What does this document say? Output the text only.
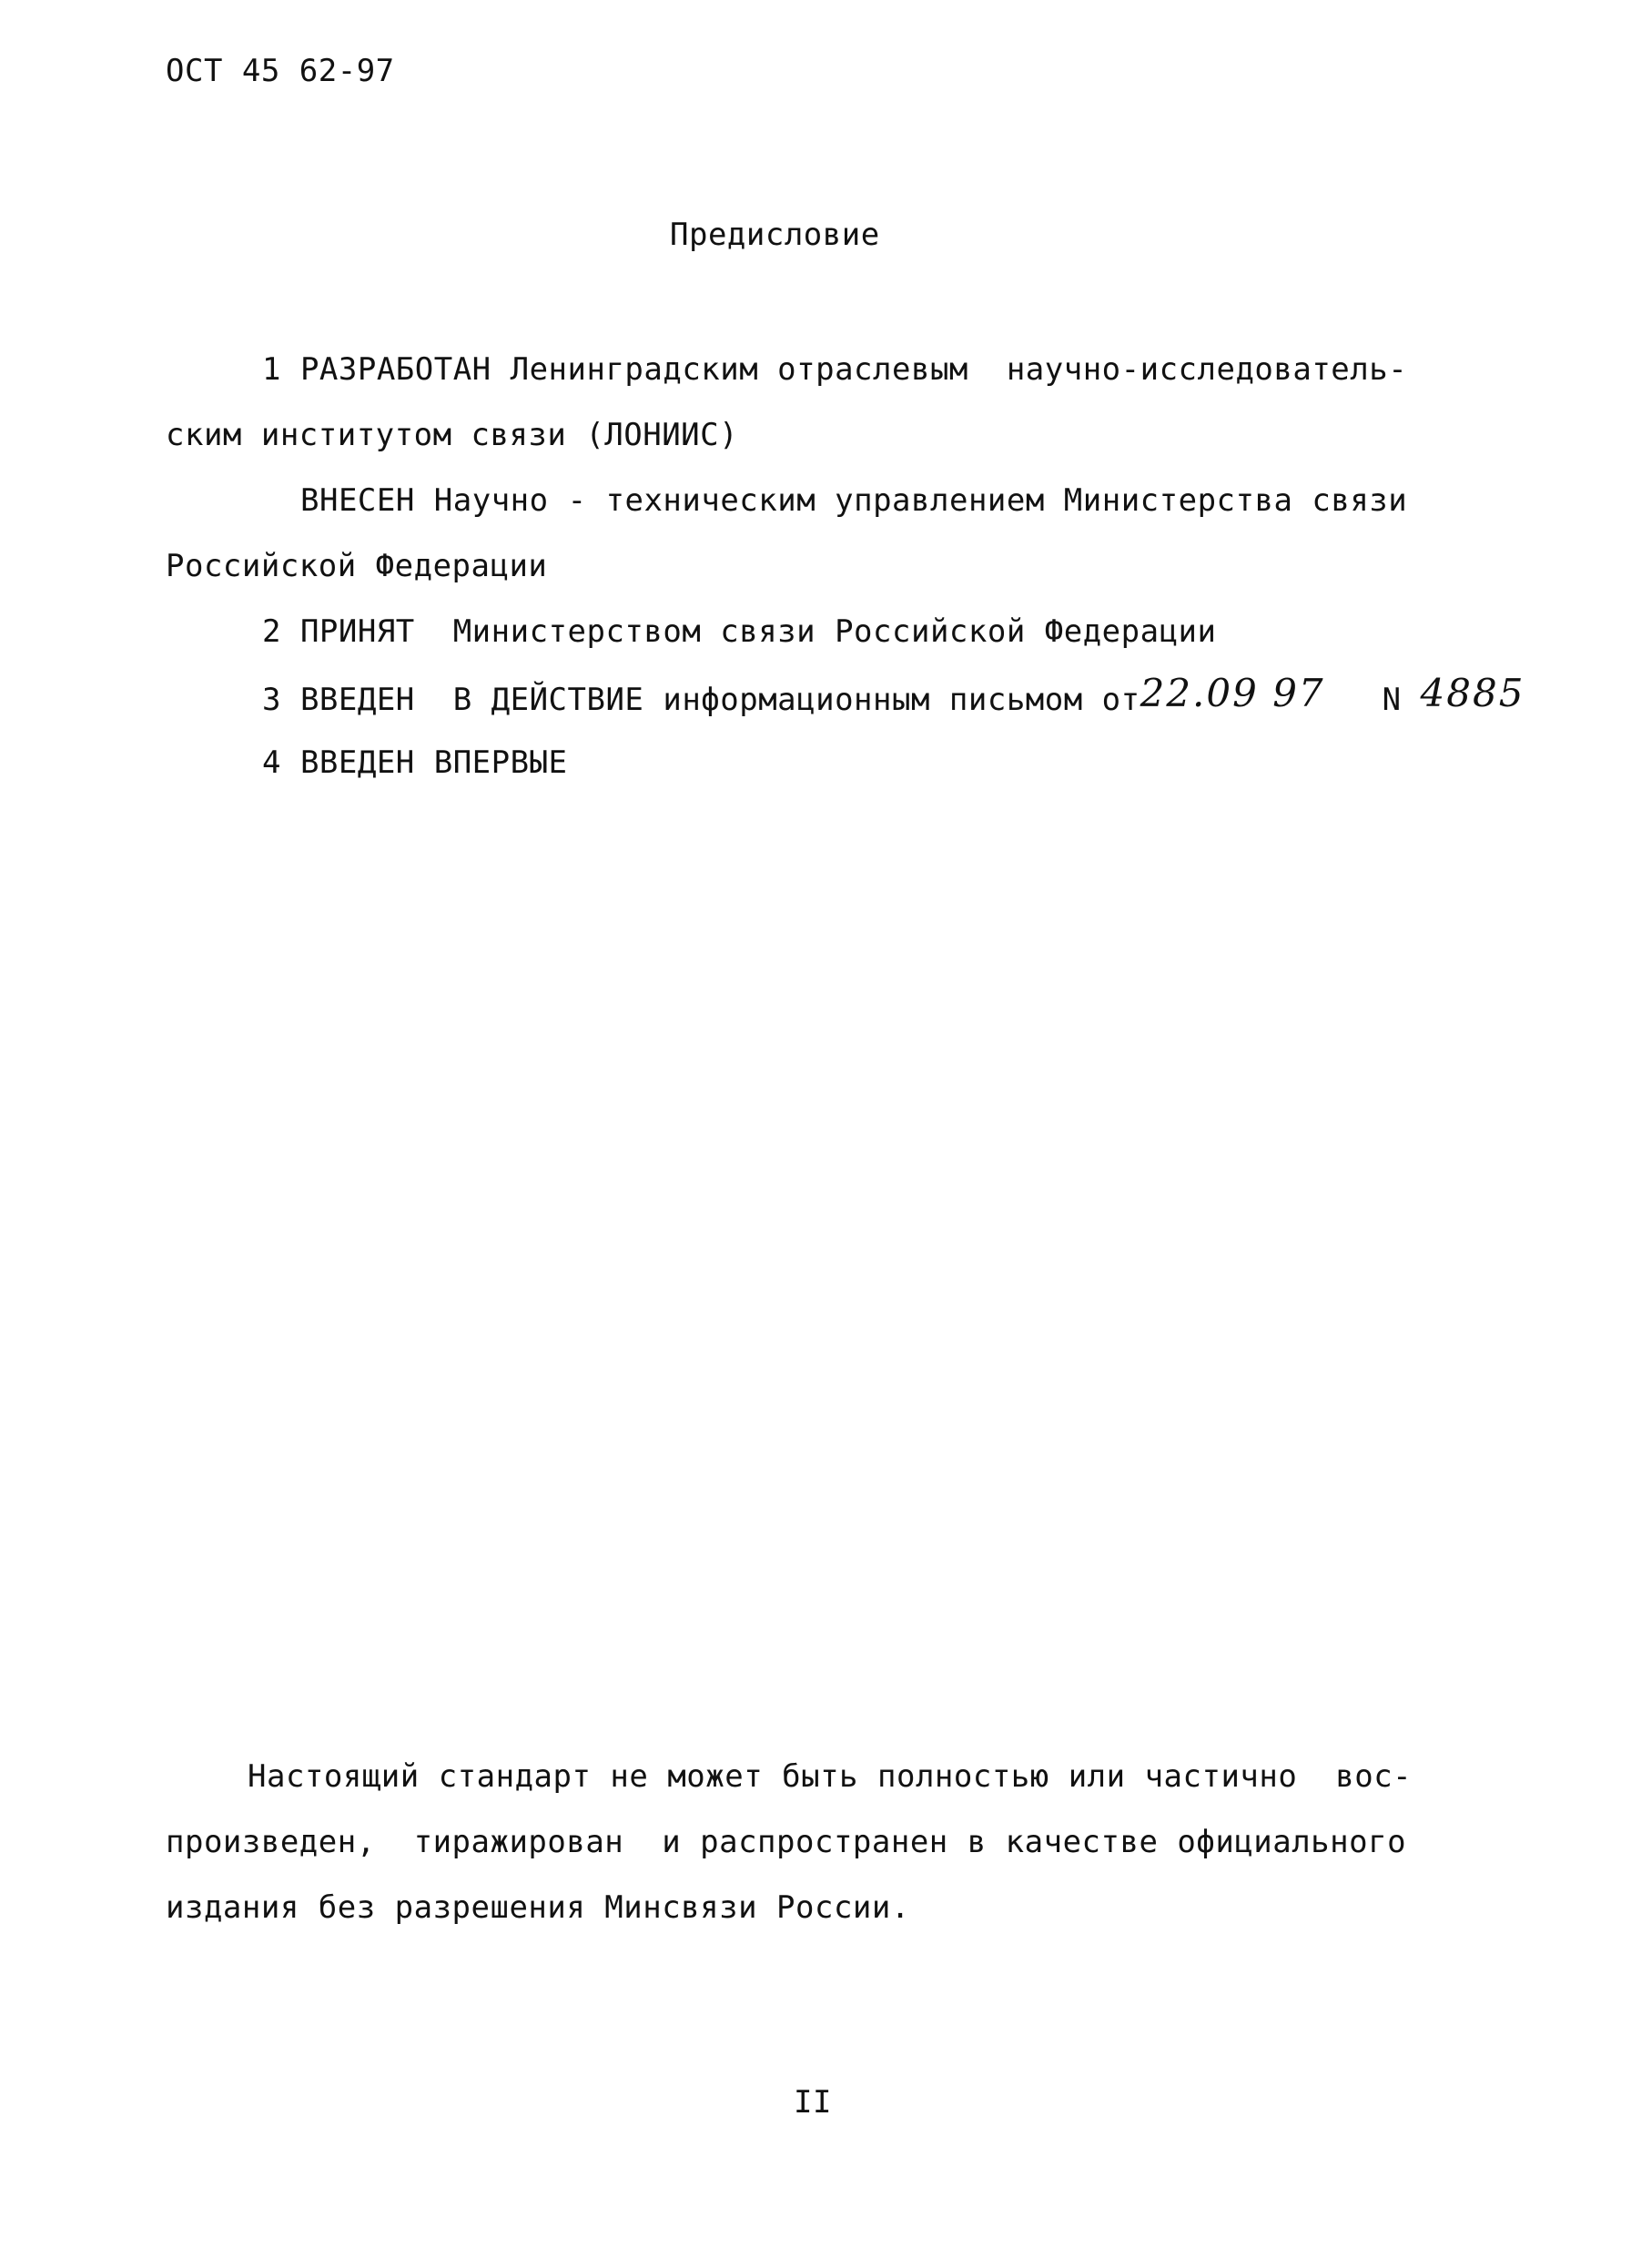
ОСТ 45 62-97
Предисловие
1 РАЗРАБОТАН Ленинградским отраслевым  научно-исследователь-
ским институтом связи (ЛОНИИС)
ВНЕСЕН Научно - техническим управлением Министерства связи
Российской Федерации
2 ПРИНЯТ  Министерством связи Российской Федерации
3 ВВЕДЕН  В ДЕЙСТВИЕ информационным письмом от22.09 97 N 4885
4 ВВЕДЕН ВПЕРВЫЕ
Настоящий стандарт не может быть полностью или частично  вос-
произведен,  тиражирован  и распространен в качестве официального
издания без разрешения Минсвязи России.
II
